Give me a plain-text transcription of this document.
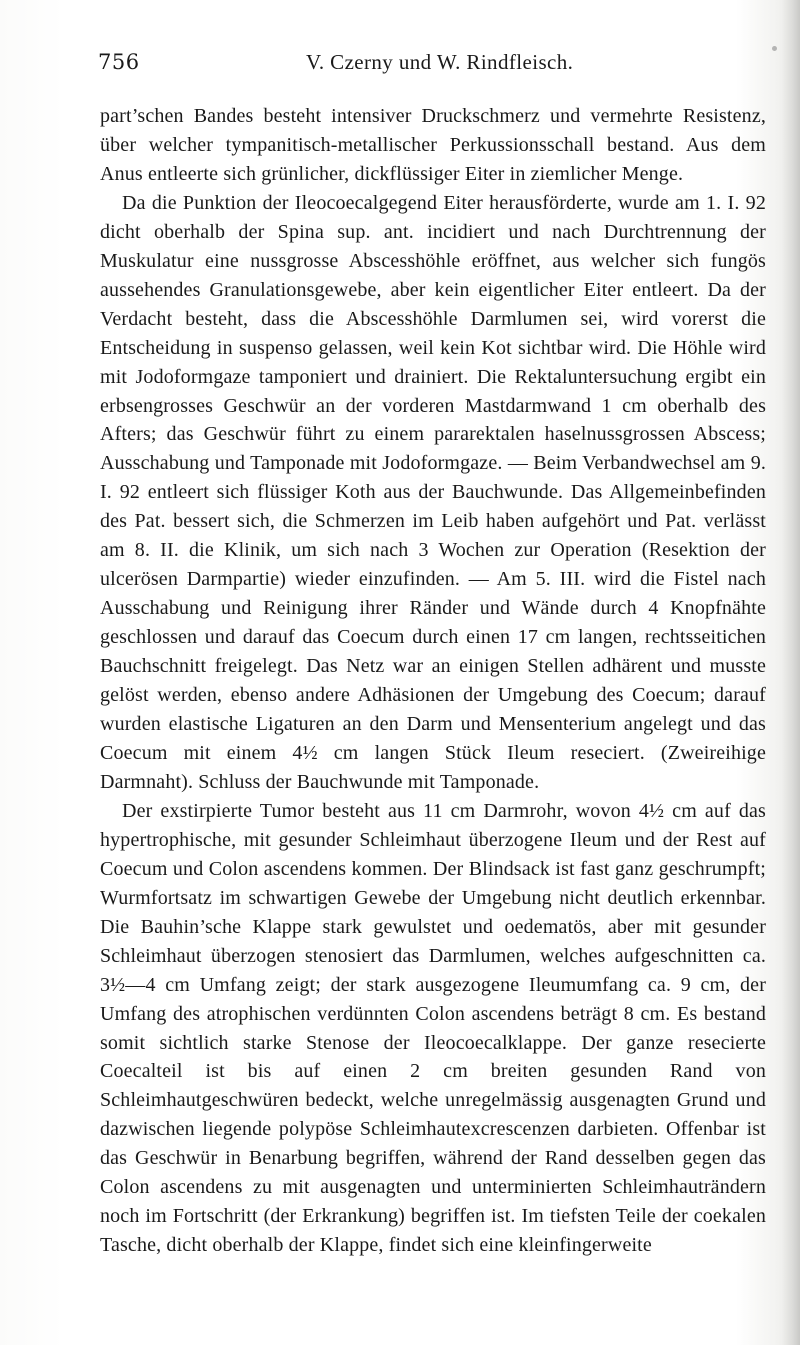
756	V. Czerny und W. Rindfleisch.

part’schen Bandes besteht intensiver Druckschmerz und vermehrte Resistenz, über welcher tympanitisch-metallischer Perkussionsschall bestand. Aus dem Anus entleerte sich grünlicher, dickflüssiger Eiter in ziemlicher Menge.

Da die Punktion der Ileocoecalgegend Eiter herausförderte, wurde am 1. I. 92 dicht oberhalb der Spina sup. ant. incidiert und nach Durchtrennung der Muskulatur eine nussgrosse Abscesshöhle eröffnet, aus welcher sich fungös aussehendes Granulationsgewebe, aber kein eigentlicher Eiter entleert. Da der Verdacht besteht, dass die Abscesshöhle Darmlumen sei, wird vorerst die Entscheidung in suspenso gelassen, weil kein Kot sichtbar wird. Die Höhle wird mit Jodoformgaze tamponiert und drainiert. Die Rektaluntersuchung ergibt ein erbsengrosses Geschwür an der vorderen Mastdarmwand 1 cm oberhalb des Afters; das Geschwür führt zu einem pararektalen haselnussgrossen Abscess; Ausschabung und Tamponade mit Jodoformgaze. — Beim Verbandwechsel am 9. I. 92 entleert sich flüssiger Koth aus der Bauchwunde. Das Allgemeinbefinden des Pat. bessert sich, die Schmerzen im Leib haben aufgehört und Pat. verlässt am 8. II. die Klinik, um sich nach 3 Wochen zur Operation (Resektion der ulcerösen Darmpartie) wieder einzufinden. — Am 5. III. wird die Fistel nach Ausschabung und Reinigung ihrer Ränder und Wände durch 4 Knopfnähte geschlossen und darauf das Coecum durch einen 17 cm langen, rechtsseitichen Bauchschnitt freigelegt. Das Netz war an einigen Stellen adhärent und musste gelöst werden, ebenso andere Adhäsionen der Umgebung des Coecum; darauf wurden elastische Ligaturen an den Darm und Mensenterium angelegt und das Coecum mit einem 4½ cm langen Stück Ileum reseciert. (Zweireihige Darmnaht). Schluss der Bauchwunde mit Tamponade.

Der exstirpierte Tumor besteht aus 11 cm Darmrohr, wovon 4½ cm auf das hypertrophische, mit gesunder Schleimhaut überzogene Ileum und der Rest auf Coecum und Colon ascendens kommen. Der Blindsack ist fast ganz geschrumpft; Wurmfortsatz im schwartigen Gewebe der Umgebung nicht deutlich erkennbar. Die Bauhin’sche Klappe stark gewulstet und oedematös, aber mit gesunder Schleimhaut überzogen stenosiert das Darmlumen, welches aufgeschnitten ca. 3½—4 cm Umfang zeigt; der stark ausgezogene Ileumumfang ca. 9 cm, der Umfang des atrophischen verdünnten Colon ascendens beträgt 8 cm. Es bestand somit sichtlich starke Stenose der Ileocoecalklappe. Der ganze resecierte Coecalteil ist bis auf einen 2 cm breiten gesunden Rand von Schleimhautgeschwüren bedeckt, welche unregelmässig ausgenagten Grund und dazwischen liegende polypöse Schleimhautexcrescenzen darbieten. Offenbar ist das Geschwür in Benarbung begriffen, während der Rand desselben gegen das Colon ascendens zu mit ausgenagten und unterminierten Schleimhauträndern noch im Fortschritt (der Erkrankung) begriffen ist. Im tiefsten Teile der coekalen Tasche, dicht oberhalb der Klappe, findet sich eine kleinfingerweite
